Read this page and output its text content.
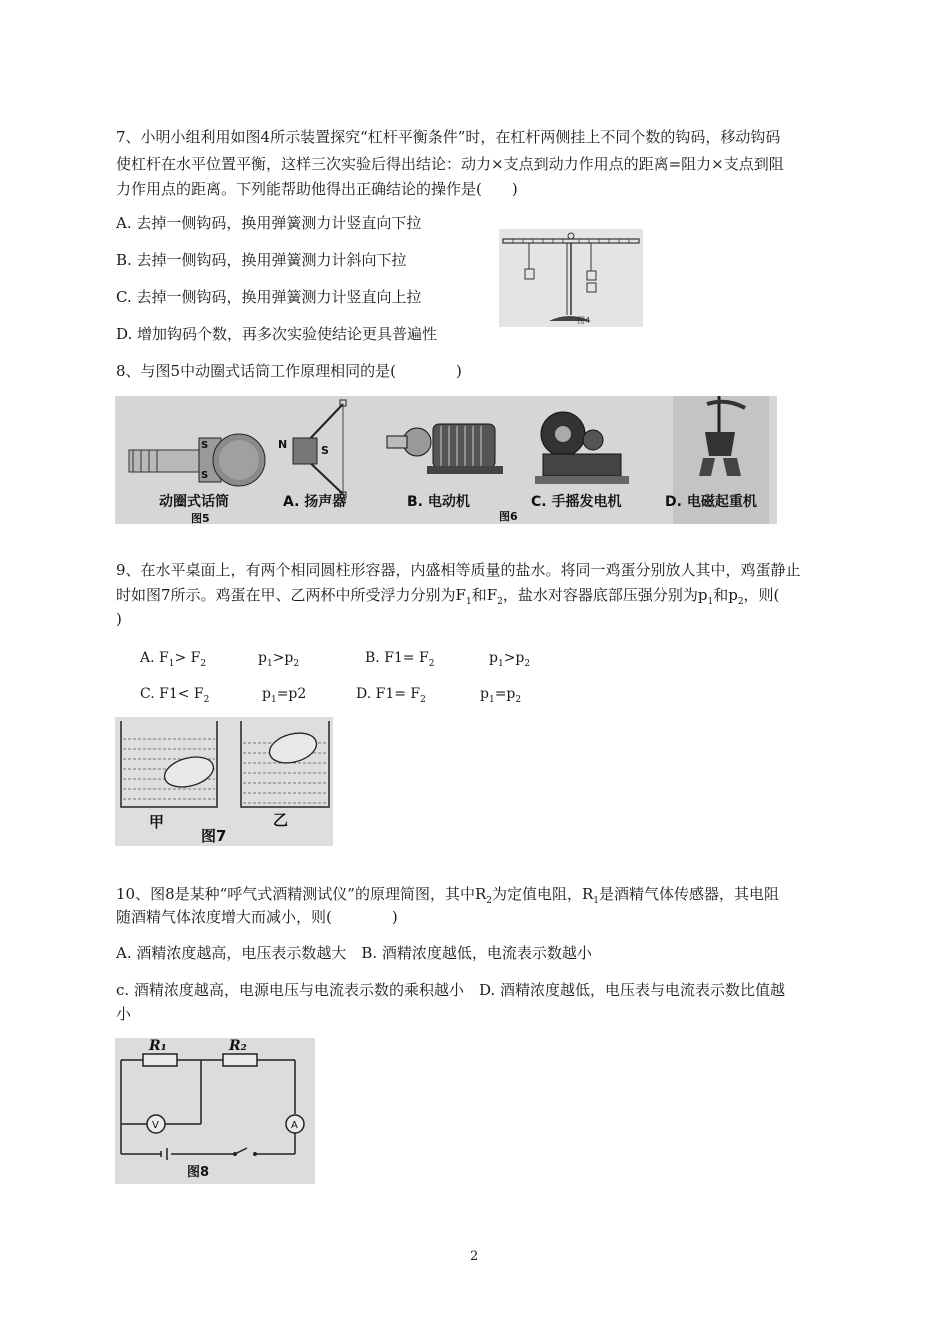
7、小明小组利用如图4所示装置探究“杠杆平衡条件”时，在杠杆两侧挂上不同个数的钩码，移动钩码
使杠杆在水平位置平衡，这样三次实验后得出结论：动力×支点到动力作用点的距离=阻力×支点到阻
力作用点的距离。下列能帮助他得出正确结论的操作是(　　)
A. 去掉一侧钩码，换用弹簧测力计竖直向下拉
B. 去掉一侧钩码，换用弹簧测力计斜向下拉
C. 去掉一侧钩码，换用弹簧测力计竖直向上拉
D. 增加钩码个数，再多次实验使结论更具普遍性
图4
8、与图5中动圈式话筒工作原理相同的是(　　　　)
S
S
N	S
动圈式话筒	A. 扬声器	B. 电动机	C. 手摇发电机	D. 电磁起重机
图5	图6
9、在水平桌面上，有两个相同圆柱形容器，内盛相等质量的盐水。将同一鸡蛋分别放人其中，鸡蛋静止
时如图7所示。鸡蛋在甲、乙两杯中所受浮力分别为$F_1$和$F_2$，盐水对容器底部压强分别为$p_1$和$p_2$，则(
)
A. $F_1> F_2$	$p_1>p_2$	B. $F1= F_2$	$p_1>p_2$
C. $F1< F_2$	$p_1=p2$	D. $F1= F_2$	$p_1=p_2$
甲	乙
图7
10、图8是某种“呼气式酒精测试仪”的原理简图，其中$R_2$为定值电阻，$R_1$是酒精气体传感器，其电阻
随酒精气体浓度增大而减小，则(　　　　)
A. 酒精浓度越高，电压表示数越大　B. 酒精浓度越低，电流表示数越小
c. 酒精浓度越高，电源电压与电流表示数的乘积越小　D. 酒精浓度越低，电压表与电流表示数比值越
小
R₁	R₂
V	A
图8
2
